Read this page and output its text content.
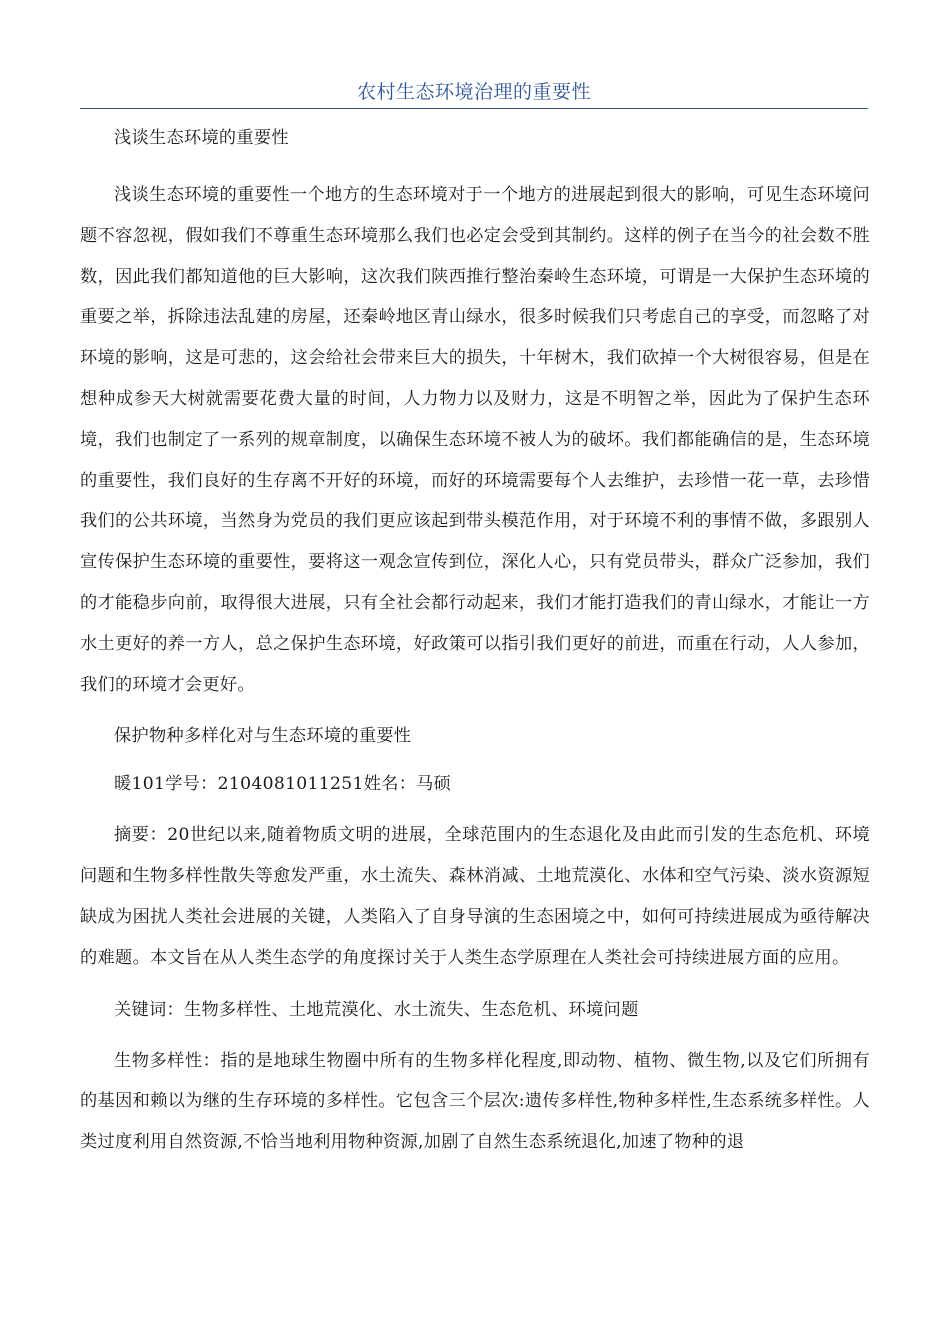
农村生态环境治理的重要性

浅谈生态环境的重要性

浅谈生态环境的重要性一个地方的生态环境对于一个地方的进展起到很大的影响，可见生态环境问题不容忽视，假如我们不尊重生态环境那么我们也必定会受到其制约。这样的例子在当今的社会数不胜数，因此我们都知道他的巨大影响，这次我们陕西推行整治秦岭生态环境，可谓是一大保护生态环境的重要之举，拆除违法乱建的房屋，还秦岭地区青山绿水，很多时候我们只考虑自己的享受，而忽略了对环境的影响，这是可悲的，这会给社会带来巨大的损失，十年树木，我们砍掉一个大树很容易，但是在想种成参天大树就需要花费大量的时间，人力物力以及财力，这是不明智之举，因此为了保护生态环境，我们也制定了一系列的规章制度，以确保生态环境不被人为的破坏。我们都能确信的是，生态环境的重要性，我们良好的生存离不开好的环境，而好的环境需要每个人去维护，去珍惜一花一草，去珍惜我们的公共环境，当然身为党员的我们更应该起到带头模范作用，对于环境不利的事情不做，多跟别人宣传保护生态环境的重要性，要将这一观念宣传到位，深化人心，只有党员带头，群众广泛参加，我们的才能稳步向前，取得很大进展，只有全社会都行动起来，我们才能打造我们的青山绿水，才能让一方水土更好的养一方人，总之保护生态环境，好政策可以指引我们更好的前进，而重在行动，人人参加，我们的环境才会更好。

保护物种多样化对与生态环境的重要性

暖101学号：2104081011251姓名：马硕

摘要：20世纪以来,随着物质文明的进展，全球范围内的生态退化及由此而引发的生态危机、环境问题和生物多样性散失等愈发严重，水土流失、森林消减、土地荒漠化、水体和空气污染、淡水资源短缺成为困扰人类社会进展的关键，人类陷入了自身导演的生态困境之中，如何可持续进展成为亟待解决的难题。本文旨在从人类生态学的角度探讨关于人类生态学原理在人类社会可持续进展方面的应用。

关键词：生物多样性、土地荒漠化、水土流失、生态危机、环境问题

生物多样性：指的是地球生物圈中所有的生物多样化程度,即动物、植物、微生物,以及它们所拥有的基因和赖以为继的生存环境的多样性。它包含三个层次:遗传多样性,物种多样性,生态系统多样性。人类过度利用自然资源,不恰当地利用物种资源,加剧了自然生态系统退化,加速了物种的退
